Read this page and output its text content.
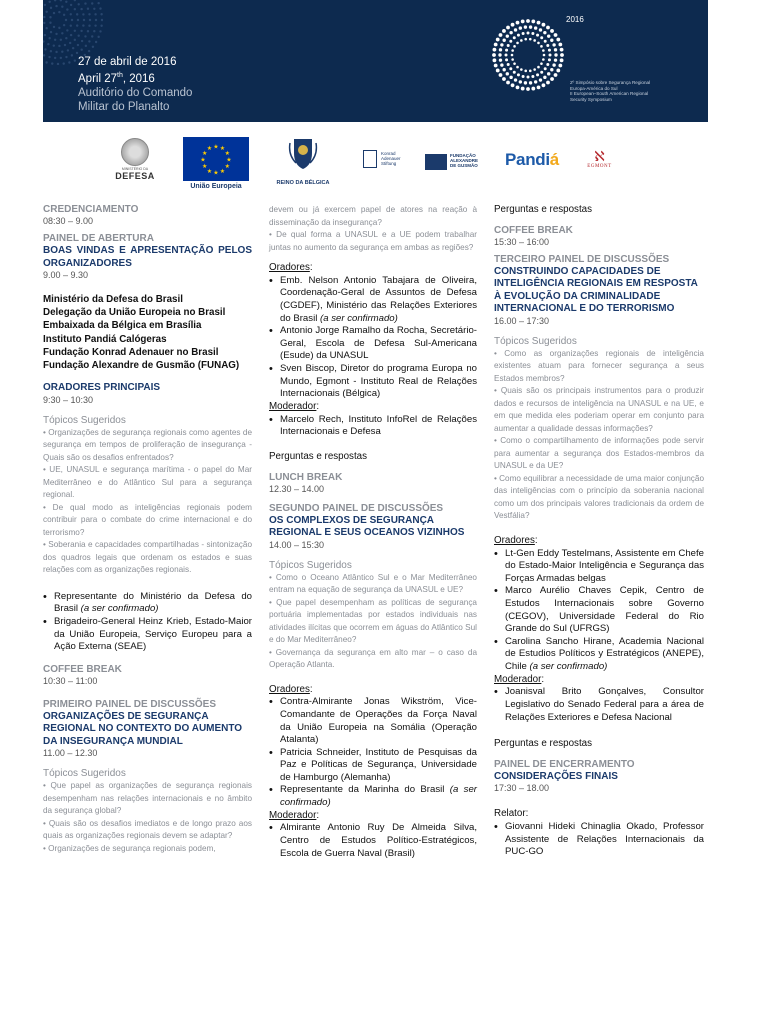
27 de abril de 2016
April 27th, 2016
Auditório do Comando
Militar do Planalto
2016
2º Simpósio sobre Segurança Regional
Europa-América do Sul
II European–South American Regional
Security Symposium
MINISTÉRIO DA
DEFESA
★ ★
★
★
★
★
★
★
★
★
★
★
União Europeia	REINO DA BÉLGICA
Konrad
Adenauer
Stiftung
FUNDAÇÃO
ALEXANDRE
DE GUSMÃO Pandiá	ℵ
EGMONT
CREDENCIAMENTO
08:30 – 9.00
PAINEL DE ABERTURA
BOAS VINDAS E APRESENTAÇÃO PELOS ORGANIZADORES
9.00 – 9.30
Ministério da Defesa do Brasil
Delegação da União Europeia no Brasil
Embaixada da Bélgica em Brasília
Instituto Pandiá Calógeras
Fundação Konrad Adenauer no Brasil
Fundação Alexandre de Gusmão (FUNAG)
ORADORES PRINCIPAIS
9:30 – 10:30
Tópicos Sugeridos
• Organizações de segurança regionais como agentes de segurança em tempos de proliferação de insegurança - Quais são os desafios enfrentados?
• UE, UNASUL e segurança marítima - o papel do Mar Mediterrâneo e do Atlântico Sul para a segurança regional.
• De qual modo as inteligências regionais podem contribuir para o combate do crime internacional e do terrorismo?
• Soberania e capacidades compartilhadas - sintonização dos quadros legais que ordenam os estados e suas relações com as organizações regionais.
• Representante do Ministério da Defesa do Brasil (a ser confirmado)
• Brigadeiro-General Heinz Krieb, Estado-Maior da União Europeia, Serviço Europeu para a Ação Externa (SEAE)
COFFEE BREAK
10:30 – 11:00
PRIMEIRO PAINEL DE DISCUSSÕES
ORGANIZAÇÕES DE SEGURANÇA REGIONAL NO CONTEXTO DO AUMENTO DA INSEGURANÇA MUNDIAL
11.00 – 12.30
Tópicos Sugeridos
• Que papel as organizações de segurança regionais desempenham nas relações internacionais e no âmbito da segurança global?
• Quais são os desafios imediatos e de longo prazo aos quais as organizações regionais devem se adaptar?
• Organizações de segurança regionais podem,
devem ou já exercem papel de atores na reação à disseminação da insegurança?
• De qual forma a UNASUL e a UE podem trabalhar juntas no aumento da segurança em ambas as regiões?
Oradores:
• Emb. Nelson Antonio Tabajara de Oliveira, Coordenação-Geral de Assuntos de Defesa (CGDEF), Ministério das Relações Exteriores do Brasil (a ser confirmado)
• Antonio Jorge Ramalho da Rocha, Secretário-Geral, Escola de Defesa Sul-Americana (Esude) da UNASUL
• Sven Biscop, Diretor do programa Europa no Mundo, Egmont - Instituto Real de Relações Internacionais (Bélgica)
Moderador:
• Marcelo Rech, Instituto InfoRel de Relações Internacionais e Defesa
Perguntas e respostas
LUNCH BREAK
12.30 – 14.00
SEGUNDO PAINEL DE DISCUSSÕES
OS COMPLEXOS DE SEGURANÇA REGIONAL E SEUS OCEANOS VIZINHOS
14.00 – 15:30
Tópicos Sugeridos
• Como o Oceano Atlântico Sul e o Mar Mediterrâneo entram na equação de segurança da UNASUL e UE?
• Que papel desempenham as políticas de segurança portuária implementadas por estados individuais nas atividades ilícitas que ocorrem em águas do Atlântico Sul e do Mar Mediterrâneo?
• Governança da segurança em alto mar – o caso da Operação Atlanta.
Oradores:
• Contra-Almirante Jonas Wikström, Vice-Comandante de Operações da Força Naval da União Europeia na Somália (Operação Atalanta)
• Patricia Schneider, Instituto de Pesquisas da Paz e Políticas de Segurança, Universidade de Hamburgo (Alemanha)
• Representante da Marinha do Brasil (a ser confirmado)
Moderador:
• Almirante Antonio Ruy De Almeida Silva, Centro de Estudos Político-Estratégicos, Escola de Guerra Naval (Brasil)
Perguntas e respostas
COFFEE BREAK
15:30 – 16:00
TERCEIRO PAINEL DE DISCUSSÕES
CONSTRUINDO CAPACIDADES DE INTELIGÊNCIA REGIONAIS EM RESPOSTA À EVOLUÇÃO DA CRIMINALIDADE INTERNACIONAL E DO TERRORISMO
16.00 – 17:30
Tópicos Sugeridos
• Como as organizações regionais de inteligência existentes atuam para fornecer segurança a seus Estados membros?
• Quais são os principais instrumentos para o produzir dados e recursos de inteligência na UNASUL e na UE, e em que medida eles poderiam operar em conjunto para aumentar a qualidade dessas informações?
• Como o compartilhamento de informações pode servir para aumentar a segurança dos Estados-membros da UNASUL e da UE?
• Como equilibrar a necessidade de uma maior conjunção das inteligências com o princípio da soberania nacional como um dos principais valores tradicionais da ordem de Vestfália?
Oradores:
• Lt-Gen Eddy Testelmans, Assistente em Chefe do Estado-Maior Inteligência e Segurança das Forças Armadas belgas
• Marco Aurélio Chaves Cepik, Centro de Estudos Internacionais sobre Governo (CEGOV), Universidade Federal do Rio Grande do Sul (UFRGS)
• Carolina Sancho Hirane, Academia Nacional de Estudios Políticos y Estratégicos (ANEPE), Chile (a ser confirmado)
Moderador:
• Joanisval Brito Gonçalves, Consultor Legislativo do Senado Federal para a área de Relações Exteriores e Defesa Nacional
Perguntas e respostas
PAINEL DE ENCERRAMENTO
CONSIDERAÇÕES FINAIS
17:30 – 18.00
Relator:
• Giovanni Hideki Chinaglia Okado, Professor Assistente de Relações Internacionais da PUC-GO
